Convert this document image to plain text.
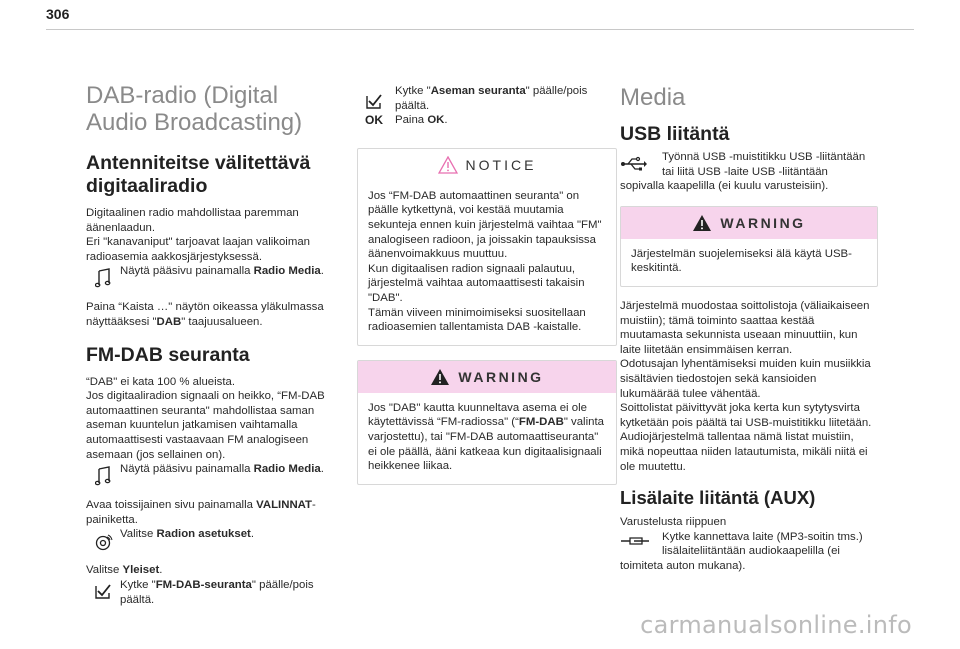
306
DAB-radio (Digital Audio Broadcasting)
Antenniteitse välitettävä digitaaliradio
Digitaalinen radio mahdollistaa paremman äänenlaadun.
Eri "kanavaniput" tarjoavat laajan valikoiman radioasemia aakkosjärjestyksessä.
Näytä pääsivu painamalla Radio Media.
Paina “Kaista …" näytön oikeassa yläkulmassa näyttääksesi "DAB" taajuusalueen.
FM-DAB seuranta
“DAB" ei kata 100 % alueista.
Jos digitaaliradion signaali on heikko, “FM-DAB automaattinen seuranta" mahdollistaa saman aseman kuuntelun jatkamisen vaihtamalla automaattisesti vastaavaan FM analogiseen asemaan (jos sellainen on).
Näytä pääsivu painamalla Radio Media.
Avaa toissijainen sivu painamalla VALINNAT-painiketta.
Valitse Radion asetukset.
Valitse Yleiset.
Kytke "FM-DAB-seuranta" päälle/pois päältä.
OK
Kytke "Aseman seuranta" päälle/pois päältä.
Paina OK.
NOTICE
Jos “FM-DAB automaattinen seuranta" on päälle kytkettynä, voi kestää muutamia sekunteja ennen kuin järjestelmä vaihtaa "FM" analogiseen radioon, ja joissakin tapauksissa äänenvoimakkuus muuttuu.
Kun digitaalisen radion signaali palautuu, järjestelmä vaihtaa automaattisesti takaisin "DAB".
Tämän viiveen minimoimiseksi suositellaan radioasemien tallentamista DAB -kaistalle.
WARNING
Jos "DAB" kautta kuunneltava asema ei ole käytettävissä “FM-radiossa" (“FM-DAB" valinta varjostettu), tai "FM-DAB automaattiseuranta" ei ole päällä, ääni katkeaa kun digitaalisignaali heikkenee liikaa.
Media
USB liitäntä
Työnnä USB -muistitikku USB -liitäntään
tai liitä USB -laite USB -liitäntään
sopivalla kaapelilla (ei kuulu varusteisiin).
WARNING
Järjestelmän suojelemiseksi älä käytä USB-keskitintä.
Järjestelmä muodostaa soittolistoja (väliaikaiseen muistiin); tämä toiminto saattaa kestää muutamasta sekunnista useaan minuuttiin, kun laite liitetään ensimmäisen kerran.
Odotusajan lyhentämiseksi muiden kuin musiikkia sisältävien tiedostojen sekä kansioiden lukumäärää tulee vähentää.
Soittolistat päivittyvät joka kerta kun sytytysvirta kytketään pois päältä tai USB-muistitikku liitetään. Audiojärjestelmä tallentaa nämä listat muistiin, mikä nopeuttaa niiden latautumista, mikäli niitä ei ole muutettu.
Lisälaite liitäntä (AUX)
Varustelusta riippuen
Kytke kannettava laite (MP3-soitin tms.)
lisälaiteliitäntään audiokaapelilla (ei
toimiteta auton mukana).
carmanualsonline.info
